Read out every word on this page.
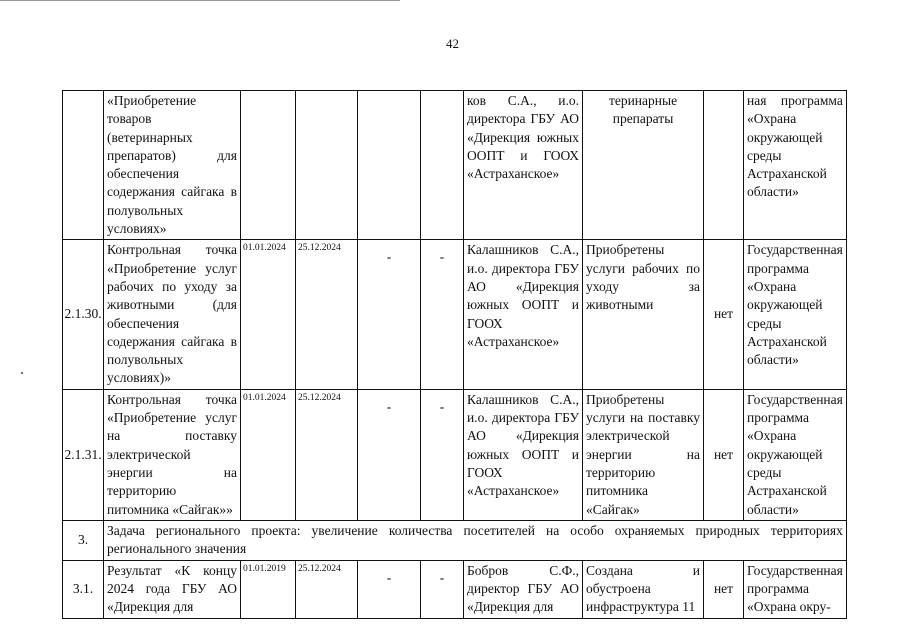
42
	«Приобретение товаров (ветеринарных препаратов) для обеспечения содержания сайгака в полувольных условиях»					ков С.А., и.о. директора ГБУ АО «Дирекция южных ООПТ и ГООХ «Астраханское»	теринарные препараты		ная программа «Охрана окружающей среды Астраханской области»
2.1.30.	Контрольная точка «Приобретение услуг рабочих по уходу за животными (для обеспечения содержания сайгака в полувольных условиях)»	01.01.2024	25.12.2024	-	-	Калашников С.А., и.о. директора ГБУ АО «Дирекция южных ООПТ и ГООХ «Астраханское»	Приобретены услуги рабочих по уходу за животными	нет	Государственная программа «Охрана окружающей среды Астраханской области»
2.1.31.	Контрольная точка «Приобретение услуг на поставку электрической энергии на территорию питомника «Сайгак»»	01.01.2024	25.12.2024	-	-	Калашников С.А., и.о. директора ГБУ АО «Дирекция южных ООПТ и ГООХ «Астраханское»	Приобретены услуги на поставку электрической энергии на территорию питомника «Сайгак»	нет	Государственная программа «Охрана окружающей среды Астраханской области»
3.	Задача регионального проекта: увеличение количества посетителей на особо охраняемых природных территориях регионального значения								
3.1.	Результат «К концу 2024 года ГБУ АО «Дирекция для	01.01.2019	25.12.2024	-	-	Бобров С.Ф., директор ГБУ АО «Дирекция для	Создана и обустроена инфраструктура 11	нет	Государственная программа «Охрана окру-
